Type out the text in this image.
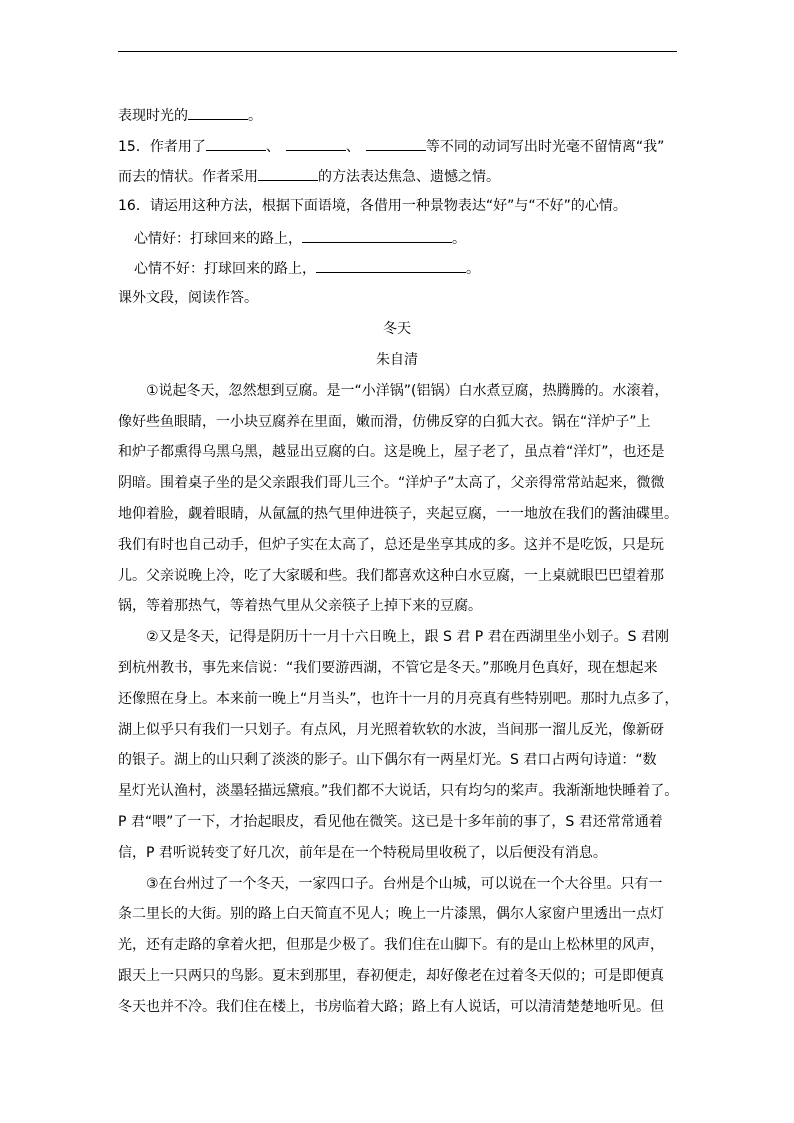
表现时光的	。
15．作者用了	、	、	等不同的动词写出时光毫不留情离“我”
而去的情状。作者采用	的方法表达焦急、遗憾之情。
16．请运用这种方法，根据下面语境，各借用一种景物表达“好”与“不好”的心情。
心情好：打球回来的路上，	。
心情不好：打球回来的路上，	。
课外文段，阅读作答。
冬天
朱自清
①说起冬天，忽然想到豆腐。是一“小洋锅”(铝锅）白水煮豆腐，热腾腾的。水滚着，
像好些鱼眼睛，一小块豆腐养在里面，嫩而滑，仿佛反穿的白狐大衣。锅在“洋炉子”上
和炉子都熏得乌黑乌黑，越显出豆腐的白。这是晚上，屋子老了，虽点着“洋灯”，也还是
阴暗。围着桌子坐的是父亲跟我们哥儿三个。“洋炉子”太高了，父亲得常常站起来，微微
地仰着脸，觑着眼睛，从氤氲的热气里伸进筷子，夹起豆腐，一一地放在我们的酱油碟里。
我们有时也自己动手，但炉子实在太高了，总还是坐享其成的多。这并不是吃饭，只是玩
儿。父亲说晚上冷，吃了大家暖和些。我们都喜欢这种白水豆腐，一上桌就眼巴巴望着那
锅，等着那热气，等着热气里从父亲筷子上掉下来的豆腐。
②又是冬天，记得是阴历十一月十六日晚上，跟 S 君 P 君在西湖里坐小划子。S 君刚
到杭州教书，事先来信说：“我们要游西湖，不管它是冬天。”那晚月色真好，现在想起来
还像照在身上。本来前一晚上“月当头”，也许十一月的月亮真有些特别吧。那时九点多了，
湖上似乎只有我们一只划子。有点风，月光照着软软的水波，当间那一溜儿反光，像新砑
的银子。湖上的山只剩了淡淡的影子。山下偶尔有一两星灯光。S 君口占两句诗道：“数
星灯光认渔村，淡墨轻描远黛痕。”我们都不大说话，只有均匀的桨声。我渐渐地快睡着了。
P 君“喂”了一下，才抬起眼皮，看见他在微笑。这已是十多年前的事了，S 君还常常通着
信，P 君听说转变了好几次，前年是在一个特税局里收税了，以后便没有消息。
③在台州过了一个冬天，一家四口子。台州是个山城，可以说在一个大谷里。只有一
条二里长的大街。别的路上白天简直不见人；晚上一片漆黑，偶尔人家窗户里透出一点灯
光，还有走路的拿着火把，但那是少极了。我们住在山脚下。有的是山上松林里的风声，
跟天上一只两只的鸟影。夏末到那里，春初便走，却好像老在过着冬天似的；可是即便真
冬天也并不冷。我们住在楼上，书房临着大路；路上有人说话，可以清清楚楚地听见。但
